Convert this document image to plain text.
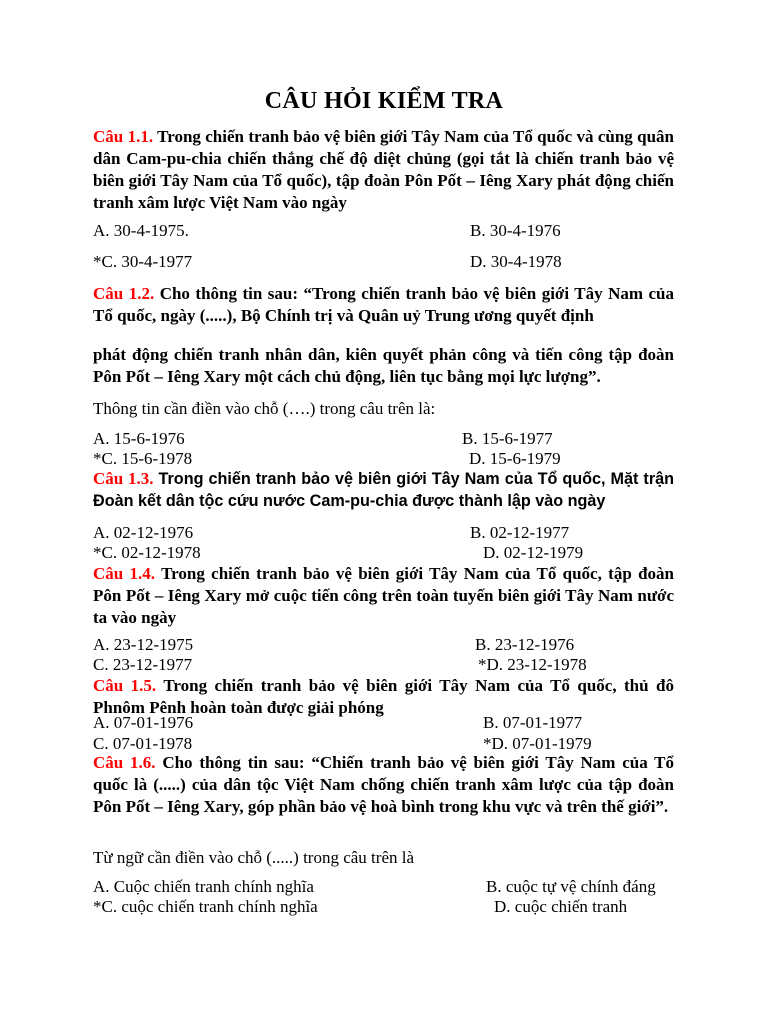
CÂU HỎI KIỂM TRA
Câu 1.1. Trong chiến tranh bảo vệ biên giới Tây Nam của Tổ quốc và cùng quân dân Cam-pu-chia chiến thắng chế độ diệt chủng (gọi tắt là chiến tranh bảo vệ biên giới Tây Nam của Tổ quốc), tập đoàn Pôn Pốt – Iêng Xary phát động chiến tranh xâm lược Việt Nam vào ngày
A. 30-4-1975.	B. 30-4-1976
*C. 30-4-1977	D. 30-4-1978
Câu 1.2. Cho thông tin sau: “Trong chiến tranh bảo vệ biên giới Tây Nam của Tổ quốc, ngày (.....), Bộ Chính trị và Quân uỷ Trung ương quyết định
phát động chiến tranh nhân dân, kiên quyết phản công và tiến công tập đoàn Pôn Pốt – Iêng Xary một cách chủ động, liên tục bằng mọi lực lượng”.
Thông tin cần điền vào chỗ (….) trong câu trên là:
A. 15-6-1976	B. 15-6-1977
*C. 15-6-1978	D. 15-6-1979
Câu 1.3. Trong chiến tranh bảo vệ biên giới Tây Nam của Tổ quốc, Mặt trận Đoàn kết dân tộc cứu nước Cam-pu-chia được thành lập vào ngày
A. 02-12-1976	B. 02-12-1977
*C. 02-12-1978	D. 02-12-1979
Câu 1.4. Trong chiến tranh bảo vệ biên giới Tây Nam của Tổ quốc, tập đoàn Pôn Pốt – Iêng Xary mở cuộc tiến công trên toàn tuyến biên giới Tây Nam nước ta vào ngày
A. 23-12-1975	B. 23-12-1976
C. 23-12-1977	*D. 23-12-1978
Câu 1.5. Trong chiến tranh bảo vệ biên giới Tây Nam của Tổ quốc, thủ đô Phnôm Pênh hoàn toàn được giải phóng
A. 07-01-1976	B. 07-01-1977
C. 07-01-1978	*D. 07-01-1979
Câu 1.6. Cho thông tin sau: “Chiến tranh bảo vệ biên giới Tây Nam của Tổ quốc là (.....) của dân tộc Việt Nam chống chiến tranh xâm lược của tập đoàn Pôn Pốt – Iêng Xary, góp phần bảo vệ hoà bình trong khu vực và trên thế giới”.
Từ ngữ cần điền vào chỗ (.....) trong câu trên là
A. Cuộc chiến tranh chính nghĩa	B. cuộc tự vệ chính đáng
*C. cuộc chiến tranh chính nghĩa	D. cuộc chiến tranh
